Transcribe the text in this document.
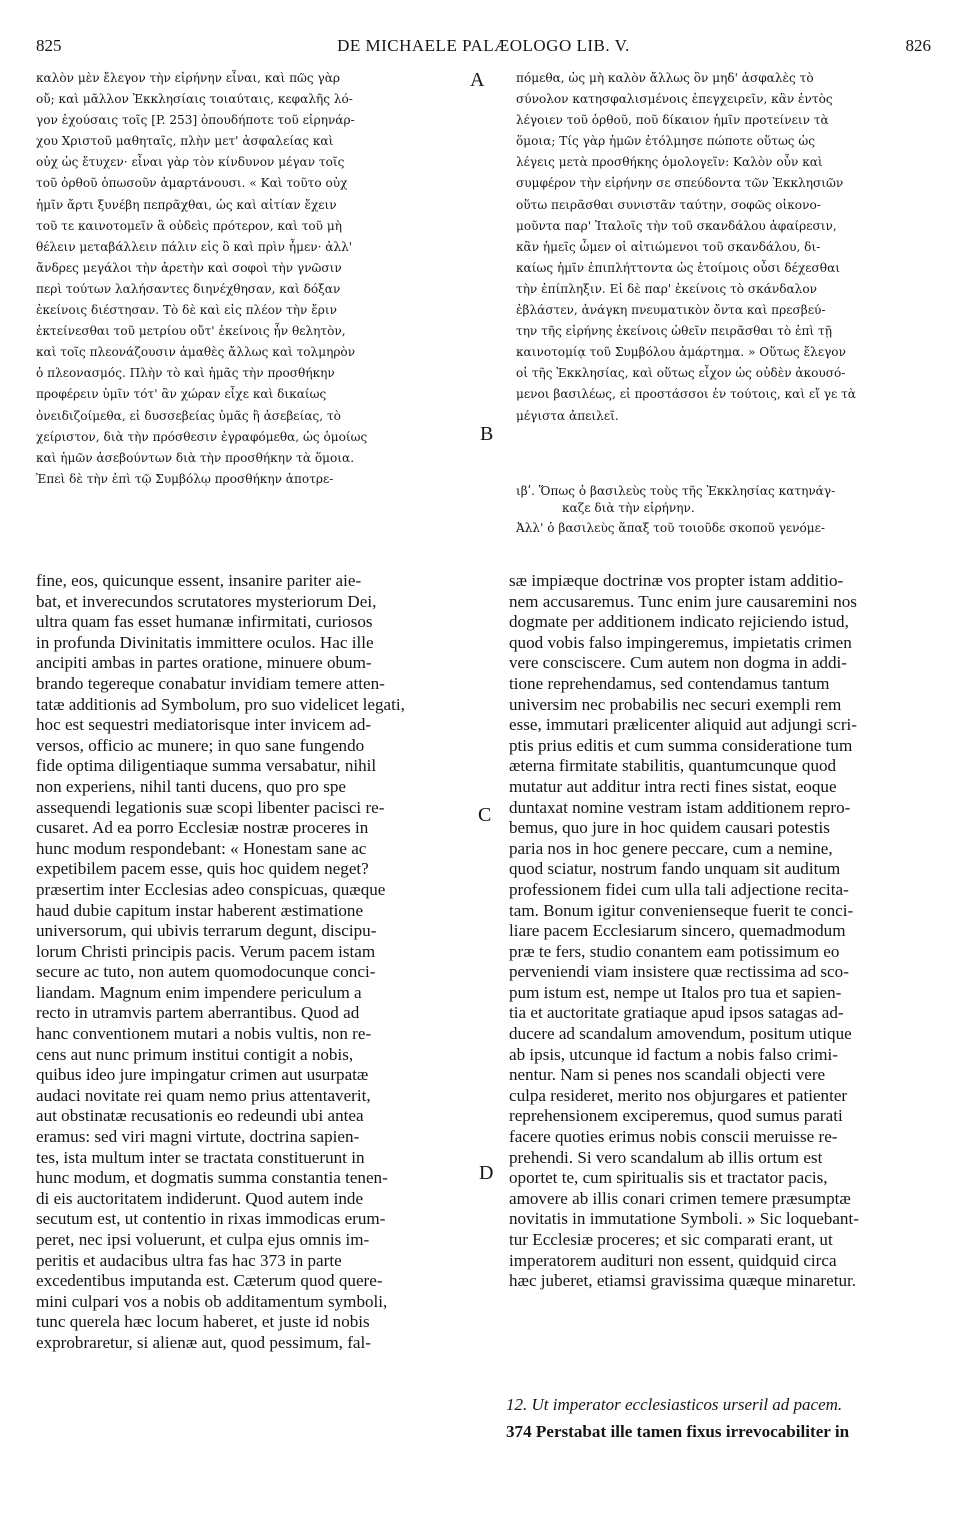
825	DE MICHAELE PALÆOLOGO LIB. V.	826
καλὸν μὲν ἔλεγον τὴν εἰρήνην εἶναι, καὶ πῶς γὰρ
οὔ; καὶ μᾶλλον Ἐκκλησίαις τοιαύταις, κεφαλῆς λό-
γον ἐχούσαις τοῖς [P. 253] ὁπουδήποτε τοῦ εἰρηνάρ-
χου Χριστοῦ μαθηταῖς, πλὴν μετ' ἀσφαλείας καὶ
οὐχ ὡς ἔτυχεν· εἶναι γὰρ τὸν κίνδυνον μέγαν τοῖς
τοῦ ὀρθοῦ ὁπωσοῦν ἁμαρτάνουσι. « Καὶ τοῦτο οὐχ
ἡμῖν ἄρτι ξυνέβη πεπρᾶχθαι, ὡς καὶ αἰτίαν ἔχειν
τοῦ τε καινοτομεῖν ἃ οὐδεὶς πρότερον, καὶ τοῦ μὴ
θέλειν μεταβάλλειν πάλιν εἰς ὃ καὶ πρὶν ἦμεν· ἀλλ'
ἄνδρες μεγάλοι τὴν ἀρετὴν καὶ σοφοὶ τὴν γνῶσιν
περὶ τούτων λαλήσαντες διηνέχθησαν, καὶ δόξαν
ἐκείνοις διέστησαν. Τὸ δὲ καὶ εἰς πλέον τὴν ἔριν
ἐκτείνεσθαι τοῦ μετρίου οὔτ' ἐκείνοις ἦν θελητὸν,
καὶ τοῖς πλεονάζουσιν ἀμαθὲς ἄλλως καὶ τολμηρὸν
ὁ πλεονασμός. Πλὴν τὸ καὶ ἡμᾶς τὴν προσθήκην
προφέρειν ὑμῖν τότ' ἂν χώραν εἶχε καὶ δικαίως
ὀνειδιζοίμεθα, εἰ δυσσεβείας ὑμᾶς ἢ ἀσεβείας, τὸ
χείριστον, διὰ τὴν πρόσθεσιν ἐγραφόμεθα, ὡς ὁμοίως
καὶ ἡμῶν ἀσεβούντων διὰ τὴν προσθήκην τὰ ὅμοια.
Ἐπεὶ δὲ τὴν ἐπὶ τῷ Συμβόλῳ προσθήκην ἀποτρε-
πόμεθα, ὡς μὴ καλὸν ἄλλως ὂν μηδ' ἀσφαλὲς τὸ
σύνολον κατησφαλισμένοις ἐπεγχειρεῖν, κἂν ἐντὸς
λέγοιεν τοῦ ὀρθοῦ, ποῦ δίκαιον ἡμῖν προτείνειν τὰ
ὅμοια; Τίς γὰρ ἡμῶν ἐτόλμησε πώποτε οὕτως ὡς
λέγεις μετὰ προσθήκης ὁμολογεῖν: Καλὸν οὖν καὶ
συμφέρον τὴν εἰρήνην σε σπεύδοντα τῶν Ἐκκλησιῶν
οὕτω πειρᾶσθαι συνιστᾶν ταύτην, σοφῶς οἰκονο-
μοῦντα παρ' Ἰταλοῖς τὴν τοῦ σκανδάλου ἀφαίρεσιν,
κἂν ἡμεῖς ὦμεν οἱ αἰτιώμενοι τοῦ σκανδάλου, δι-
καίως ἡμῖν ἐπιπλήττοντα ὡς ἑτοίμοις οὖσι δέχεσθαι
τὴν ἐπίπληξιν. Εἰ δὲ παρ' ἐκείνοις τὸ σκάνδαλον
ἐβλάστεν, ἀνάγκη πνευματικὸν ὄντα καὶ πρεσβεύ-
την τῆς εἰρήνης ἐκείνοις ὠθεῖν πειρᾶσθαι τὸ ἐπὶ τῇ
καινοτομίᾳ τοῦ Συμβόλου ἁμάρτημα. » Οὕτως ἔλεγον
οἱ τῆς Ἐκκλησίας, καὶ οὕτως εἶχον ὡς οὐδὲν ἀκουσό-
μενοι βασιλέως, εἰ προστάσσοι ἐν τούτοις, καὶ εἴ γε τὰ
μέγιστα ἀπειλεῖ.
ιβʹ. Ὅπως ὁ βασιλεὺς τοὺς τῆς Ἐκκλησίας κατηνάγ-
καζε διὰ τὴν εἰρήνην.
Ἀλλ' ὁ βασιλεὺς ἅπαξ τοῦ τοιοῦδε σκοποῦ γενόμε-
A
B
C
D
fine, eos, quicunque essent, insanire pariter aie-
bat, et inverecundos scrutatores mysteriorum Dei,
ultra quam fas esset humanæ infirmitati, curiosos
in profunda Divinitatis immittere oculos. Hac ille
ancipiti ambas in partes oratione, minuere obum-
brando tegereque conabatur invidiam temere atten-
tatæ additionis ad Symbolum, pro suo videlicet legati,
hoc est sequestri mediatorisque inter invicem ad-
versos, officio ac munere; in quo sane fungendo
fide optima diligentiaque summa versabatur, nihil
non experiens, nihil tanti ducens, quo pro spe
assequendi legationis suæ scopi libenter pacisci re-
cusaret. Ad ea porro Ecclesiæ nostræ proceres in
hunc modum respondebant: « Honestam sane ac
expetibilem pacem esse, quis hoc quidem neget?
præsertim inter Ecclesias adeo conspicuas, quæque
haud dubie capitum instar haberent æstimatione
universorum, qui ubivis terrarum degunt, discipu-
lorum Christi principis pacis. Verum pacem istam
secure ac tuto, non autem quomodocunque conci-
liandam. Magnum enim impendere periculum a
recto in utramvis partem aberrantibus. Quod ad
hanc conventionem mutari a nobis vultis, non re-
cens aut nunc primum institui contigit a nobis,
quibus ideo jure impingatur crimen aut usurpatæ
audaci novitate rei quam nemo prius attentaverit,
aut obstinatæ recusationis eo redeundi ubi antea
eramus: sed viri magni virtute, doctrina sapien-
tes, ista multum inter se tractata constituerunt in
hunc modum, et dogmatis summa constantia tenen-
di eis auctoritatem indiderunt. Quod autem inde
secutum est, ut contentio in rixas immodicas erum-
peret, nec ipsi voluerunt, et culpa ejus omnis im-
peritis et audacibus ultra fas hac 373 in parte
excedentibus imputanda est. Cæterum quod quere-
mini culpari vos a nobis ob additamentum symboli,
tunc querela hæc locum haberet, et juste id nobis
exprobraretur, si alienæ aut, quod pessimum, fal-
sæ impiæque doctrinæ vos propter istam additio-
nem accusaremus. Tunc enim jure causaremini nos
dogmate per additionem indicato rejiciendo istud,
quod vobis falso impingeremus, impietatis crimen
vere consciscere. Cum autem non dogma in addi-
tione reprehendamus, sed contendamus tantum
universim nec probabilis nec securi exempli rem
esse, immutari prælicenter aliquid aut adjungi scri-
ptis prius editis et cum summa consideratione tum
æterna firmitate stabilitis, quantumcunque quod
mutatur aut additur intra recti fines sistat, eoque
duntaxat nomine vestram istam additionem repro-
bemus, quo jure in hoc quidem causari potestis
paria nos in hoc genere peccare, cum a nemine,
quod sciatur, nostrum fando unquam sit auditum
professionem fidei cum ulla tali adjectione recita-
tam. Bonum igitur convenienseque fuerit te conci-
liare pacem Ecclesiarum sincero, quemadmodum
præ te fers, studio conantem eam potissimum eo
perveniendi viam insistere quæ rectissima ad sco-
pum istum est, nempe ut Italos pro tua et sapien-
tia et auctoritate gratiaque apud ipsos satagas ad-
ducere ad scandalum amovendum, positum utique
ab ipsis, utcunque id factum a nobis falso crimi-
nentur. Nam si penes nos scandali objecti vere
culpa resideret, merito nos objurgares et patienter
reprehensionem exciperemus, quod sumus parati
facere quoties erimus nobis conscii meruisse re-
prehendi. Si vero scandalum ab illis ortum est
oportet te, cum spiritualis sis et tractator pacis,
amovere ab illis conari crimen temere præsumptæ
novitatis in immutatione Symboli. » Sic loquebant-
tur Ecclesiæ proceres; et sic comparati erant, ut
imperatorem audituri non essent, quidquid circa
hæc juberet, etiamsi gravissima quæque minaretur.
12. Ut imperator ecclesiasticos urseril ad pacem.
374 Perstabat ille tamen fixus irrevocabiliter in
